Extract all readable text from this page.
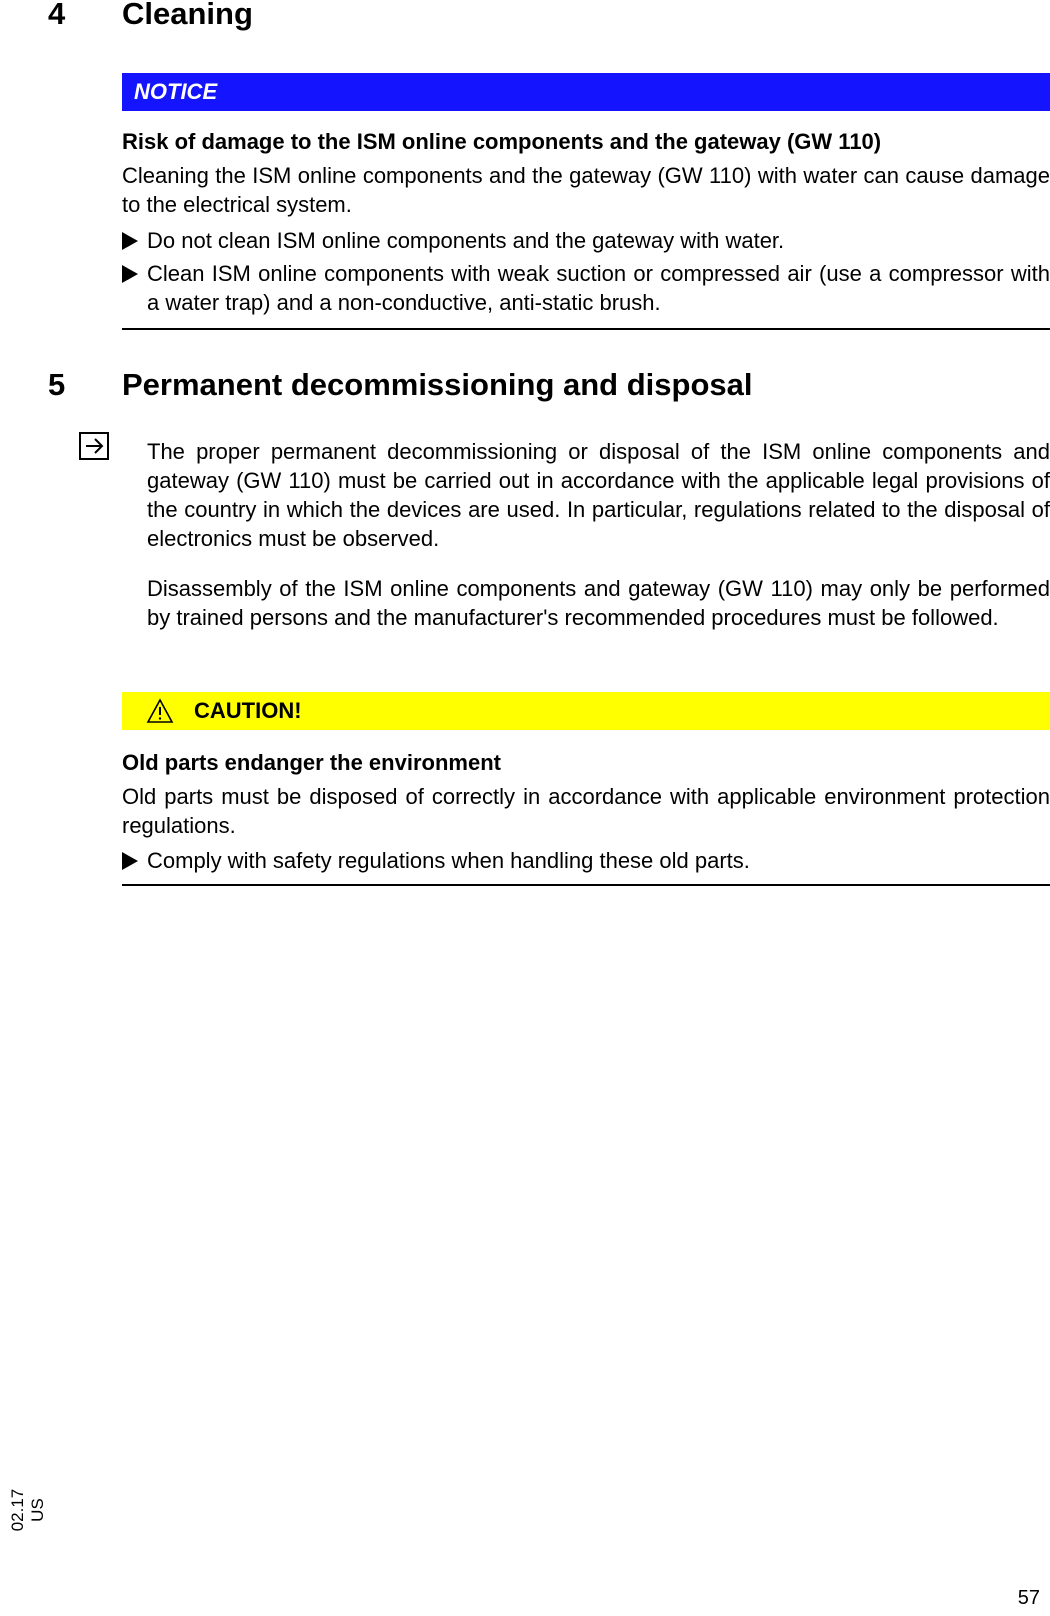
4 Cleaning
NOTICE
Risk of damage to the ISM online components and the gateway (GW 110)
Cleaning the ISM online components and the gateway (GW 110) with water can cause damage to the electrical system.
Do not clean ISM online components and the gateway with water.
Clean ISM online components with weak suction or compressed air (use a compressor with a water trap) and a non-conductive, anti-static brush.
5 Permanent decommissioning and disposal
The proper permanent decommissioning or disposal of the ISM online components and gateway (GW 110) must be carried out in accordance with the applicable legal provisions of the country in which the devices are used. In particular, regulations related to the disposal of electronics must be observed.
Disassembly of the ISM online components and gateway (GW 110) may only be performed by trained persons and the manufacturer's recommended procedures must be followed.
CAUTION!
Old parts endanger the environment
Old parts must be disposed of correctly in accordance with applicable environment protection regulations.
Comply with safety regulations when handling these old parts.
02.17 US
57
